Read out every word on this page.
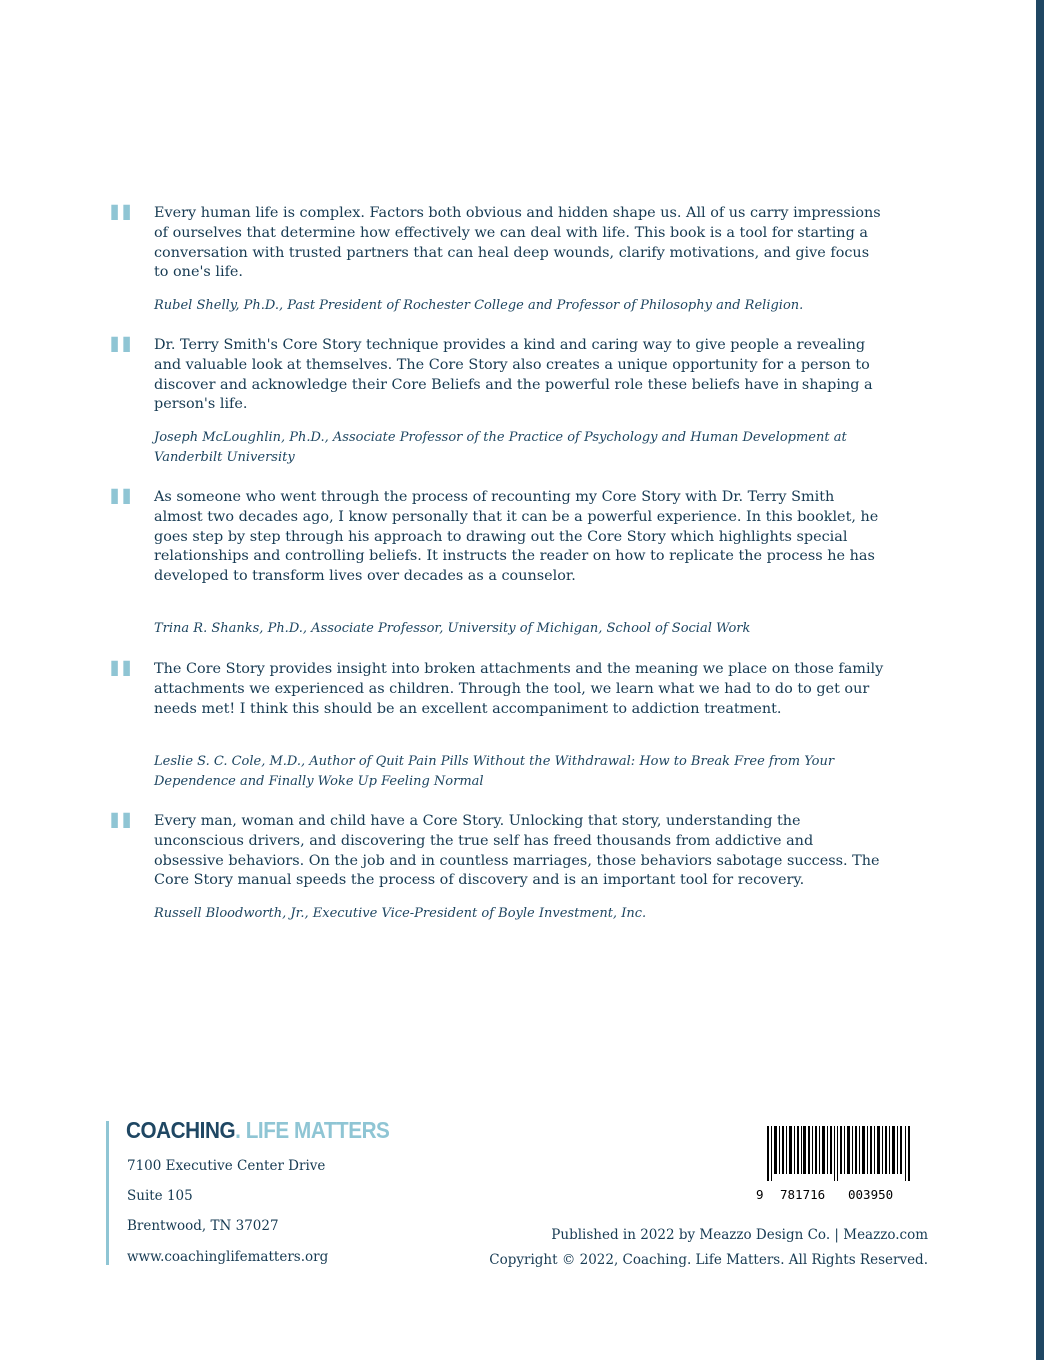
" Every human life is complex. Factors both obvious and hidden shape us. All of us carry impressions of ourselves that determine how effectively we can deal with life. This book is a tool for starting a conversation with trusted partners that can heal deep wounds, clarify motivations, and give focus to one's life.

Rubel Shelly, Ph.D., Past President of Rochester College and Professor of Philosophy and Religion.

" Dr. Terry Smith's Core Story technique provides a kind and caring way to give people a revealing and valuable look at themselves. The Core Story also creates a unique opportunity for a person to discover and acknowledge their Core Beliefs and the powerful role these beliefs have in shaping a person's life.

Joseph McLoughlin, Ph.D., Associate Professor of the Practice of Psychology and Human Development at Vanderbilt University

" As someone who went through the process of recounting my Core Story with Dr. Terry Smith almost two decades ago, I know personally that it can be a powerful experience. In this booklet, he goes step by step through his approach to drawing out the Core Story which highlights special relationships and controlling beliefs. It instructs the reader on how to replicate the process he has developed to transform lives over decades as a counselor.

Trina R. Shanks, Ph.D., Associate Professor, University of Michigan, School of Social Work

" The Core Story provides insight into broken attachments and the meaning we place on those family attachments we experienced as children. Through the tool, we learn what we had to do to get our needs met! I think this should be an excellent accompaniment to addiction treatment.

Leslie S. C. Cole, M.D., Author of Quit Pain Pills Without the Withdrawal: How to Break Free from Your Dependence and Finally Woke Up Feeling Normal

" Every man, woman and child have a Core Story. Unlocking that story, understanding the unconscious drivers, and discovering the true self has freed thousands from addictive and obsessive behaviors. On the job and in countless marriages, those behaviors sabotage success. The Core Story manual speeds the process of discovery and is an important tool for recovery.

Russell Bloodworth, Jr., Executive Vice-President of Boyle Investment, Inc.

COACHING. LIFE MATTERS
7100 Executive Center Drive
Suite 105
Brentwood, TN 37027
www.coachinglifematters.org
9 781716 003950
Published in 2022 by Meazzo Design Co. | Meazzo.com
Copyright © 2022, Coaching. Life Matters. All Rights Reserved.
